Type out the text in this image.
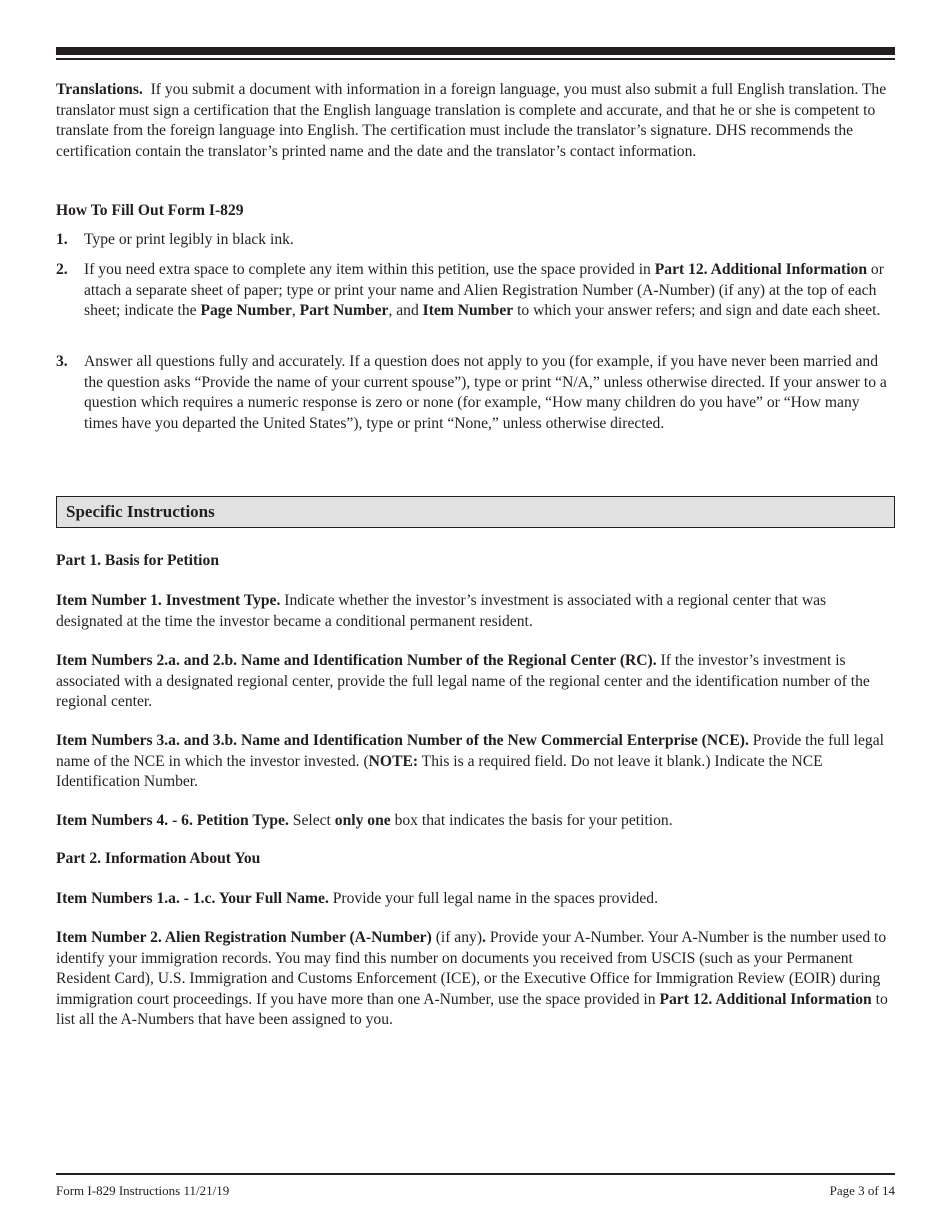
Translations. If you submit a document with information in a foreign language, you must also submit a full English translation. The translator must sign a certification that the English language translation is complete and accurate, and that he or she is competent to translate from the foreign language into English. The certification must include the translator’s signature. DHS recommends the certification contain the translator’s printed name and the date and the translator’s contact information.

How To Fill Out Form I-829

1. Type or print legibly in black ink.

2. If you need extra space to complete any item within this petition, use the space provided in Part 12. Additional Information or attach a separate sheet of paper; type or print your name and Alien Registration Number (A-Number) (if any) at the top of each sheet; indicate the Page Number, Part Number, and Item Number to which your answer refers; and sign and date each sheet.

3. Answer all questions fully and accurately. If a question does not apply to you (for example, if you have never been married and the question asks “Provide the name of your current spouse”), type or print “N/A,” unless otherwise directed. If your answer to a question which requires a numeric response is zero or none (for example, “How many children do you have” or “How many times have you departed the United States”), type or print “None,” unless otherwise directed.

Specific Instructions

Part 1. Basis for Petition

Item Number 1. Investment Type. Indicate whether the investor’s investment is associated with a regional center that was designated at the time the investor became a conditional permanent resident.

Item Numbers 2.a. and 2.b. Name and Identification Number of the Regional Center (RC). If the investor’s investment is associated with a designated regional center, provide the full legal name of the regional center and the identification number of the regional center.

Item Numbers 3.a. and 3.b. Name and Identification Number of the New Commercial Enterprise (NCE). Provide the full legal name of the NCE in which the investor invested. (NOTE: This is a required field. Do not leave it blank.) Indicate the NCE Identification Number.

Item Numbers 4. - 6. Petition Type. Select only one box that indicates the basis for your petition.

Part 2. Information About You

Item Numbers 1.a. - 1.c. Your Full Name. Provide your full legal name in the spaces provided.

Item Number 2. Alien Registration Number (A-Number) (if any). Provide your A-Number. Your A-Number is the number used to identify your immigration records. You may find this number on documents you received from USCIS (such as your Permanent Resident Card), U.S. Immigration and Customs Enforcement (ICE), or the Executive Office for Immigration Review (EOIR) during immigration court proceedings. If you have more than one A-Number, use the space provided in Part 12. Additional Information to list all the A-Numbers that have been assigned to you.

Form I-829 Instructions 11/21/19	Page 3 of 14
